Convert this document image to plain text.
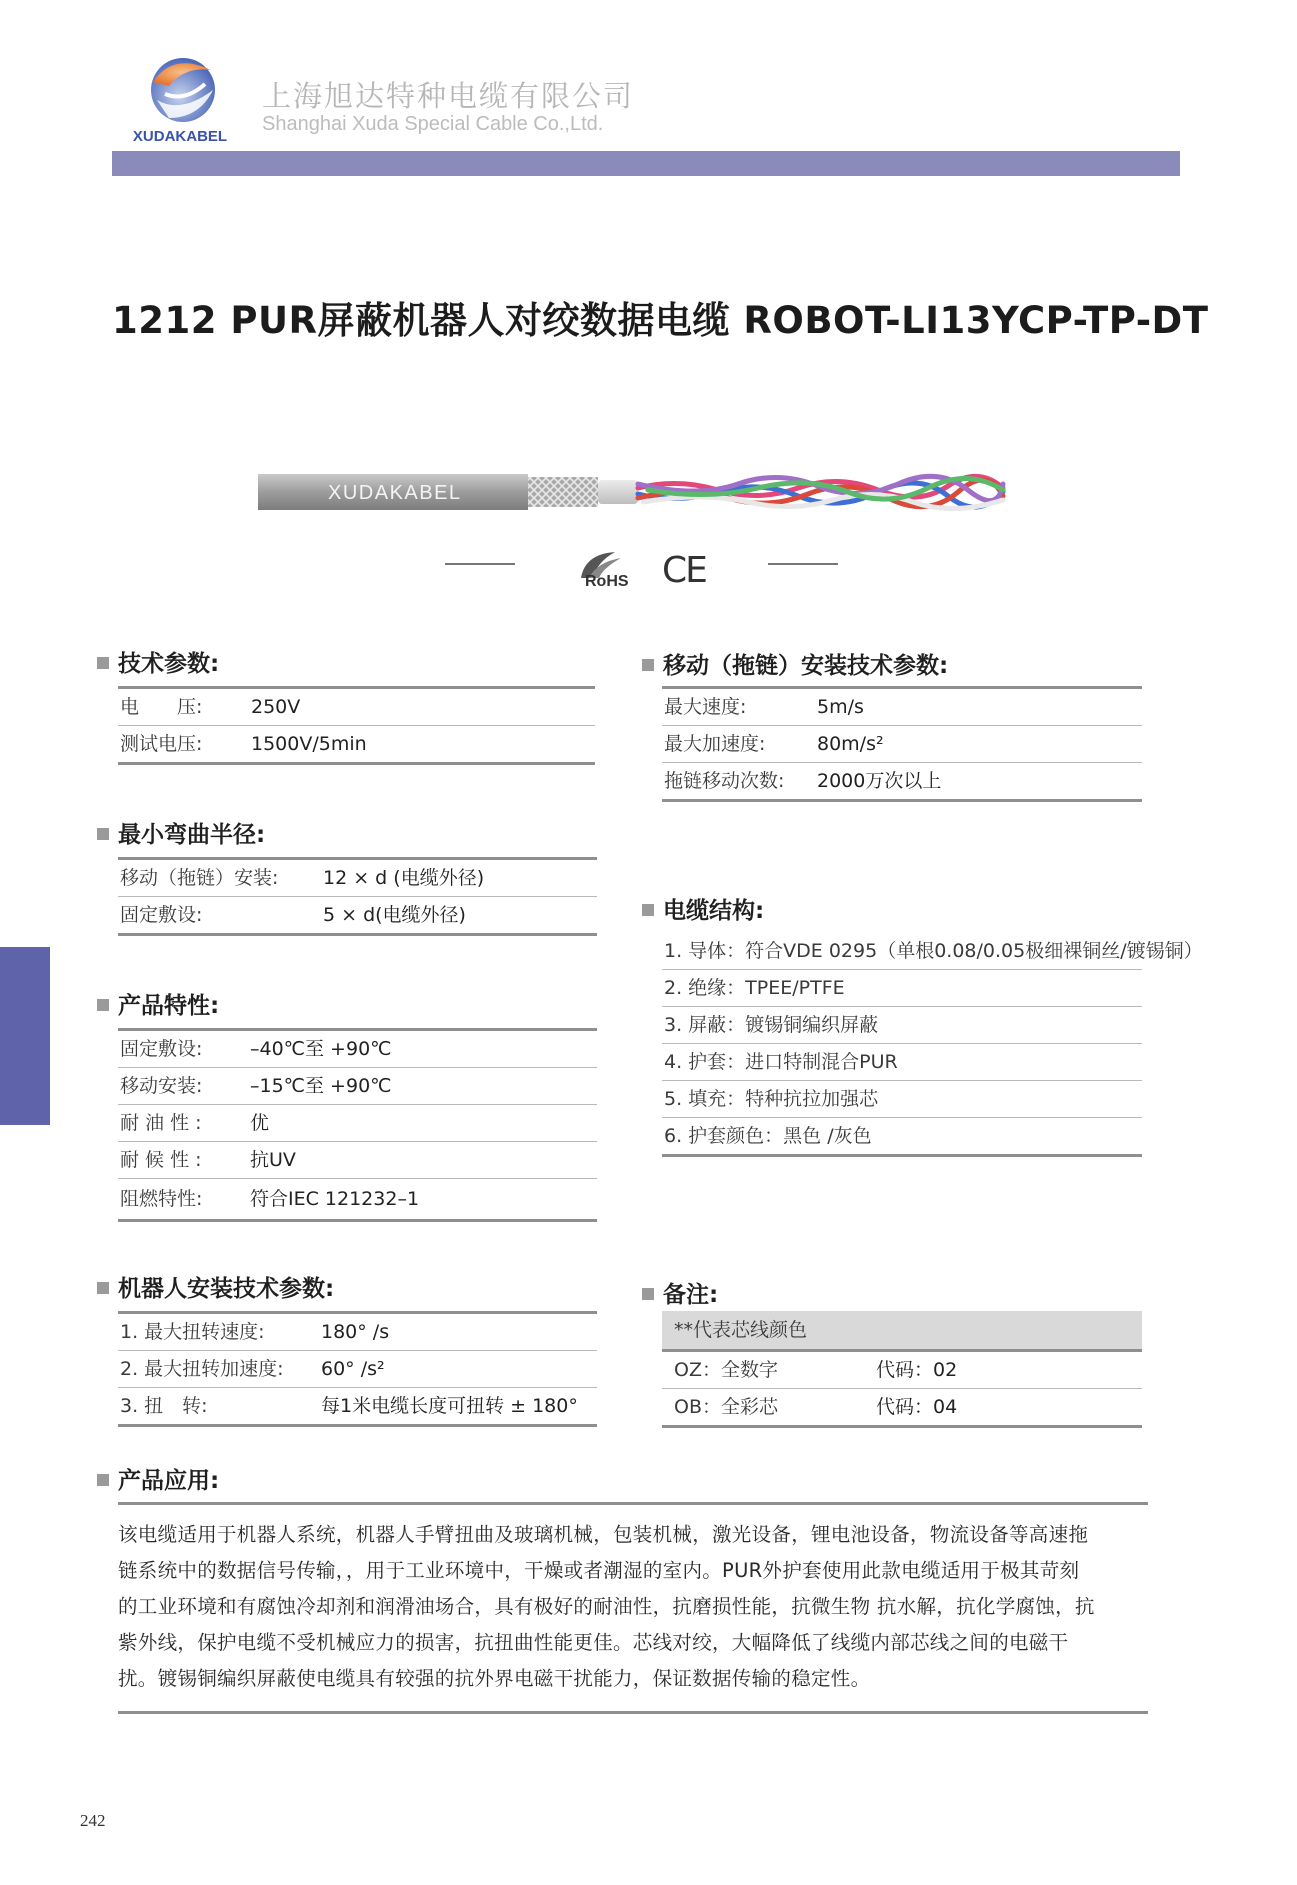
XUDAKABEL
上海旭达特种电缆有限公司
Shanghai Xuda Special Cable Co.,Ltd.
1212 PUR屏蔽机器人对绞数据电缆 ROBOT-LI13YCP-TP-DT
XUDAKABEL
RoHS CE
技术参数:
电　　压:	250V
测试电压:	1500V/5min
最小弯曲半径:
移动（拖链）安装: 12 × d (电缆外径)
固定敷设:	5 × d(电缆外径)
产品特性:
固定敷设:	–40℃至 +90℃
移动安装:	–15℃至 +90℃
耐 油 性 :	优
耐 候 性 :	抗UV
阻燃特性:	符合IEC 121232–1
机器人安装技术参数:
1. 最大扭转速度:	180° /s
2. 最大扭转加速度: 60° /s²
3. 扭　转:	每1米电缆长度可扭转 ± 180°
移动（拖链）安装技术参数:
最大速度:	5m/s
最大加速度:	80m/s²
拖链移动次数: 2000万次以上
电缆结构:
1. 导体：符合VDE 0295（单根0.08/0.05极细裸铜丝/镀锡铜）
2. 绝缘：TPEE/PTFE
3. 屏蔽：镀锡铜编织屏蔽
4. 护套：进口特制混合PUR
5. 填充：特种抗拉加强芯
6. 护套颜色：黑色 /灰色
备注:
**代表芯线颜色
OZ：全数字	代码：02
OB：全彩芯	代码：04
产品应用:
该电缆适用于机器人系统，机器人手臂扭曲及玻璃机械，包装机械，激光设备，锂电池设备，物流设备等高速拖
链系统中的数据信号传输，，用于工业环境中，干燥或者潮湿的室内。PUR外护套使用此款电缆适用于极其苛刻
的工业环境和有腐蚀冷却剂和润滑油场合，具有极好的耐油性，抗磨损性能，抗微生物 抗水解，抗化学腐蚀，抗
紫外线，保护电缆不受机械应力的损害，抗扭曲性能更佳。芯线对绞，大幅降低了线缆内部芯线之间的电磁干
扰。镀锡铜编织屏蔽使电缆具有较强的抗外界电磁干扰能力，保证数据传输的稳定性。
242
